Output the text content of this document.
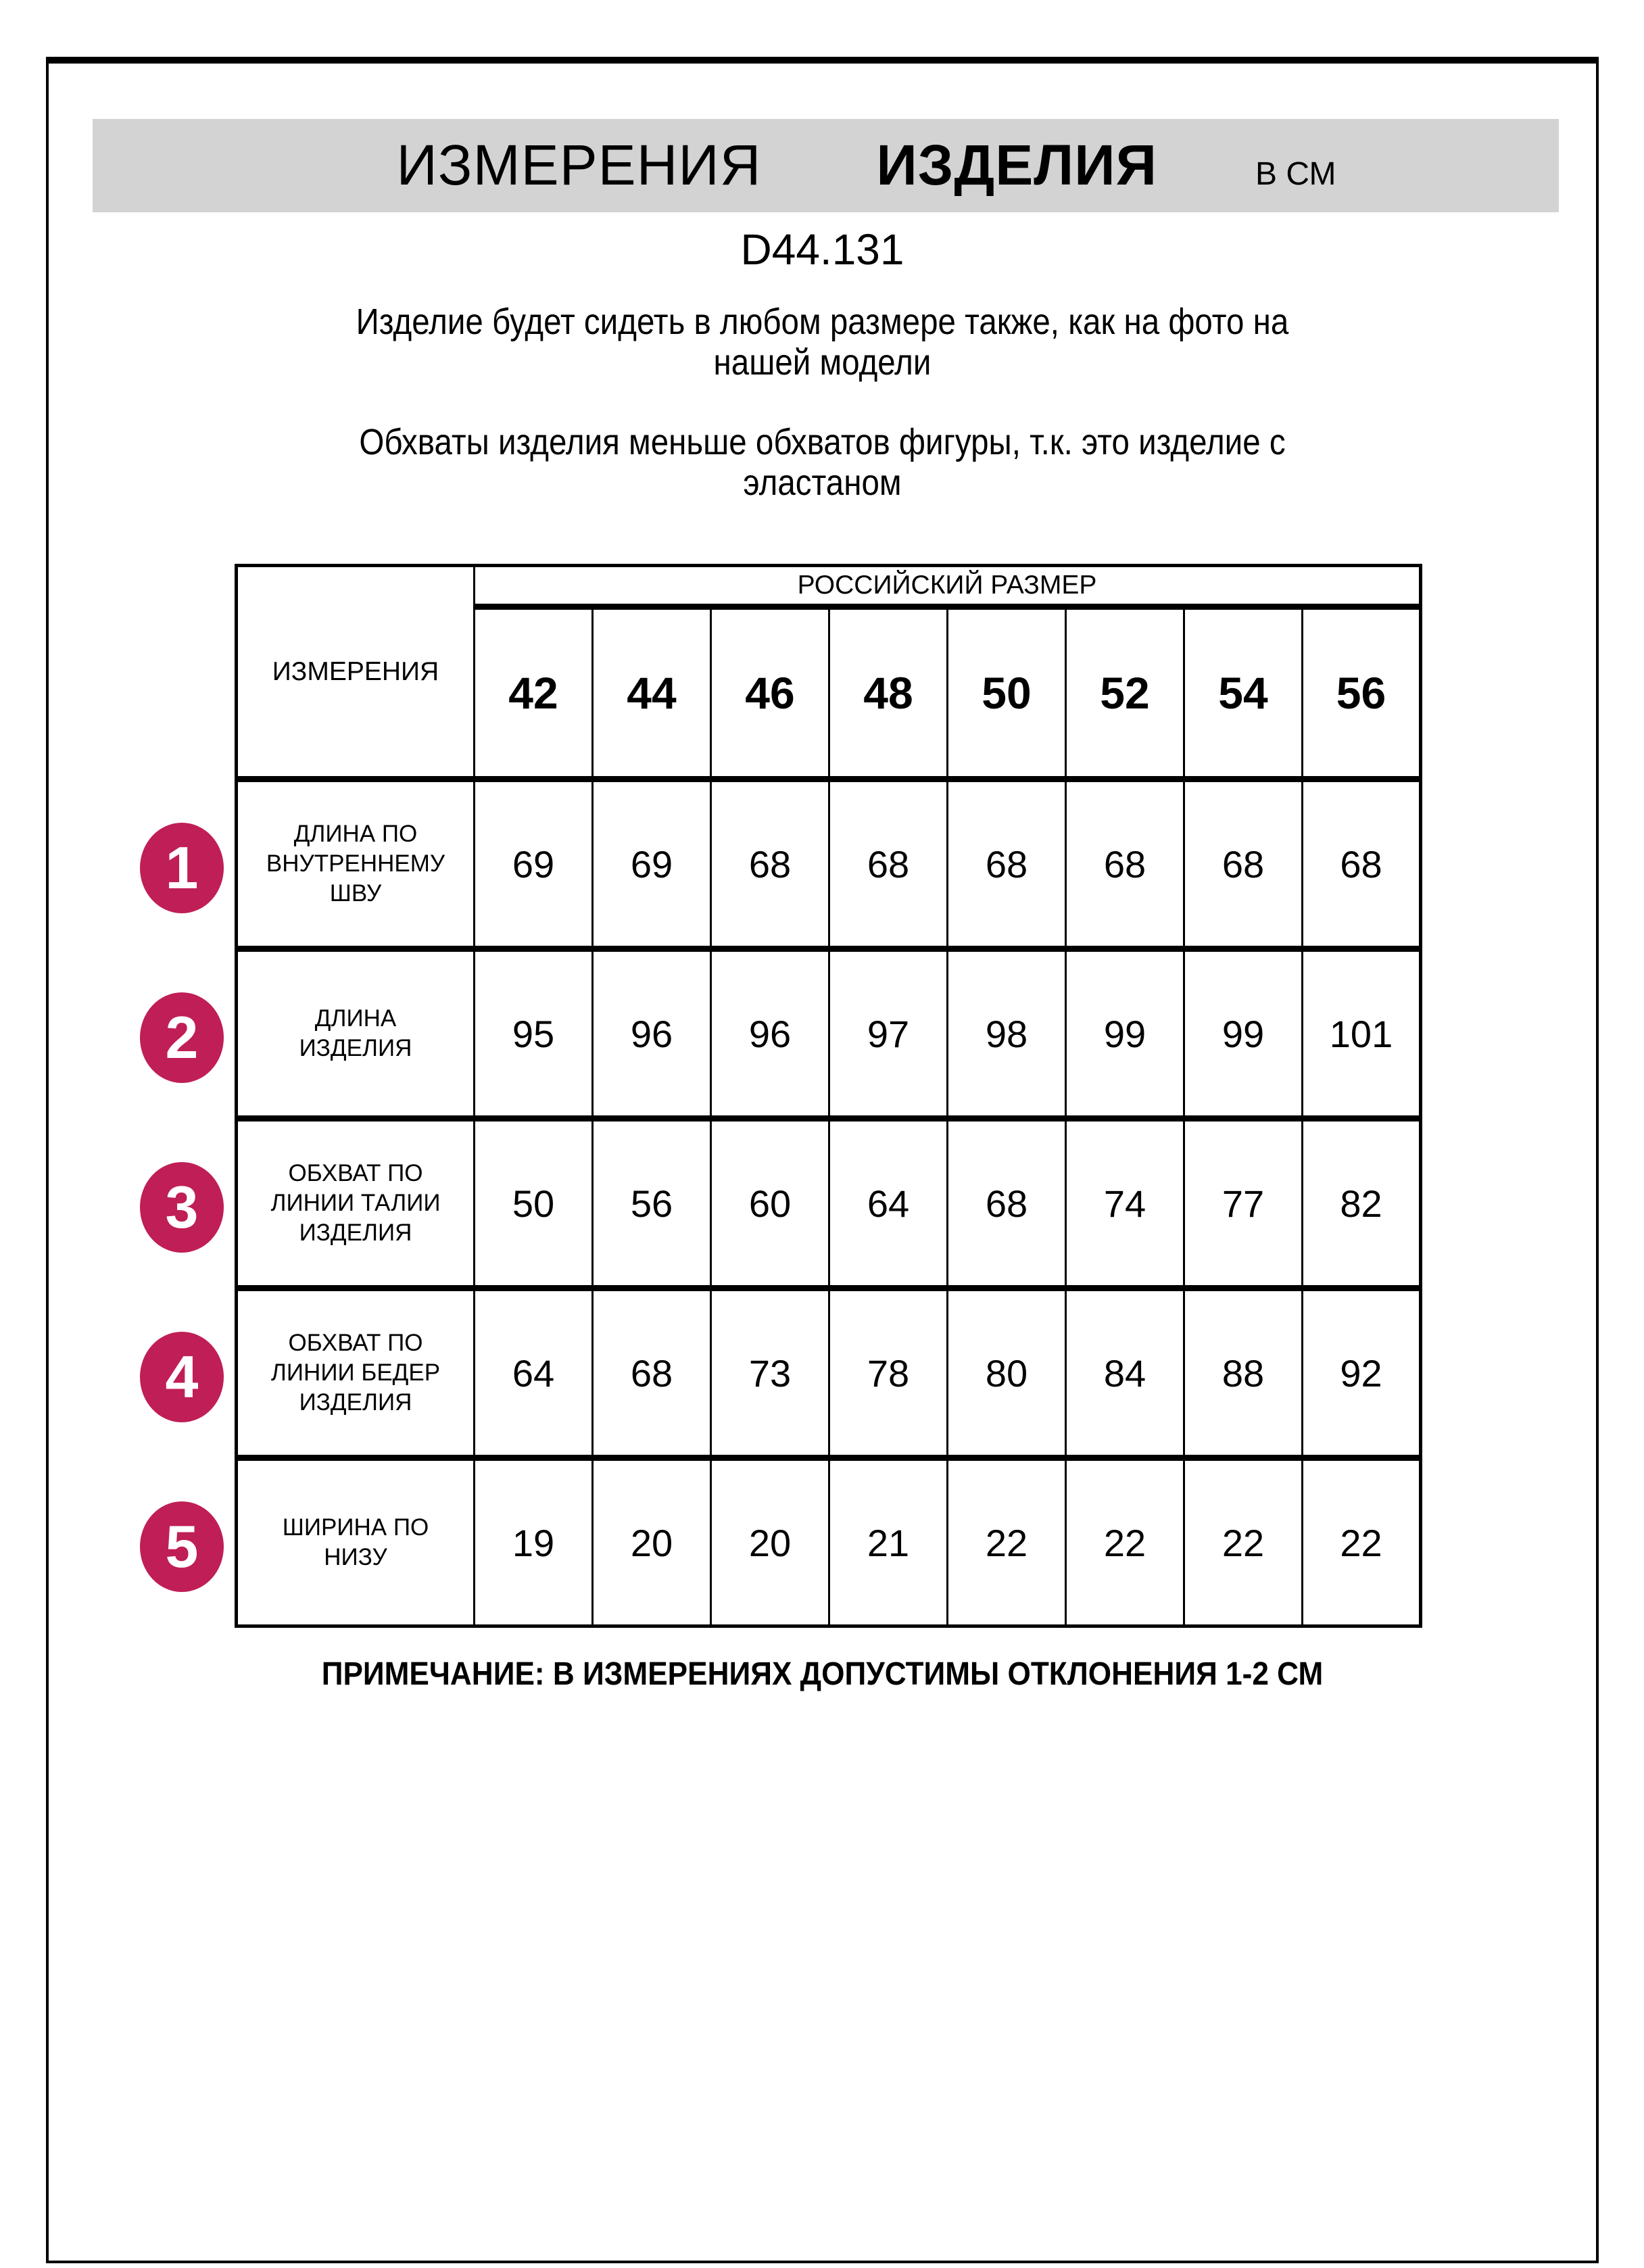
ИЗМЕРЕНИЯ ИЗДЕЛИЯ	В СМ
D44.131
Изделие будет сидеть в любом размере также, как на фото на
нашей модели
Обхваты изделия меньше обхватов фигуры, т.к. это изделие с
эластаном
1
2
3
4
5
ИЗМЕРЕНИЯ	РОССИЙСКИЙ РАЗМЕР							
	42	44	46	48	50	52	54	56
ДЛИНА ПО ВНУТРЕННЕМУ ШВУ	69	69	68	68	68	68	68	68
ДЛИНА ИЗДЕЛИЯ	95	96	96	97	98	99	99	101
ОБХВАТ ПО ЛИНИИ ТАЛИИ ИЗДЕЛИЯ	50	56	60	64	68	74	77	82
ОБХВАТ ПО ЛИНИИ БЕДЕР ИЗДЕЛИЯ	64	68	73	78	80	84	88	92
ШИРИНА ПО НИЗУ	19	20	20	21	22	22	22	22
ПРИМЕЧАНИЕ: В ИЗМЕРЕНИЯХ ДОПУСТИМЫ ОТКЛОНЕНИЯ 1-2 СМ
